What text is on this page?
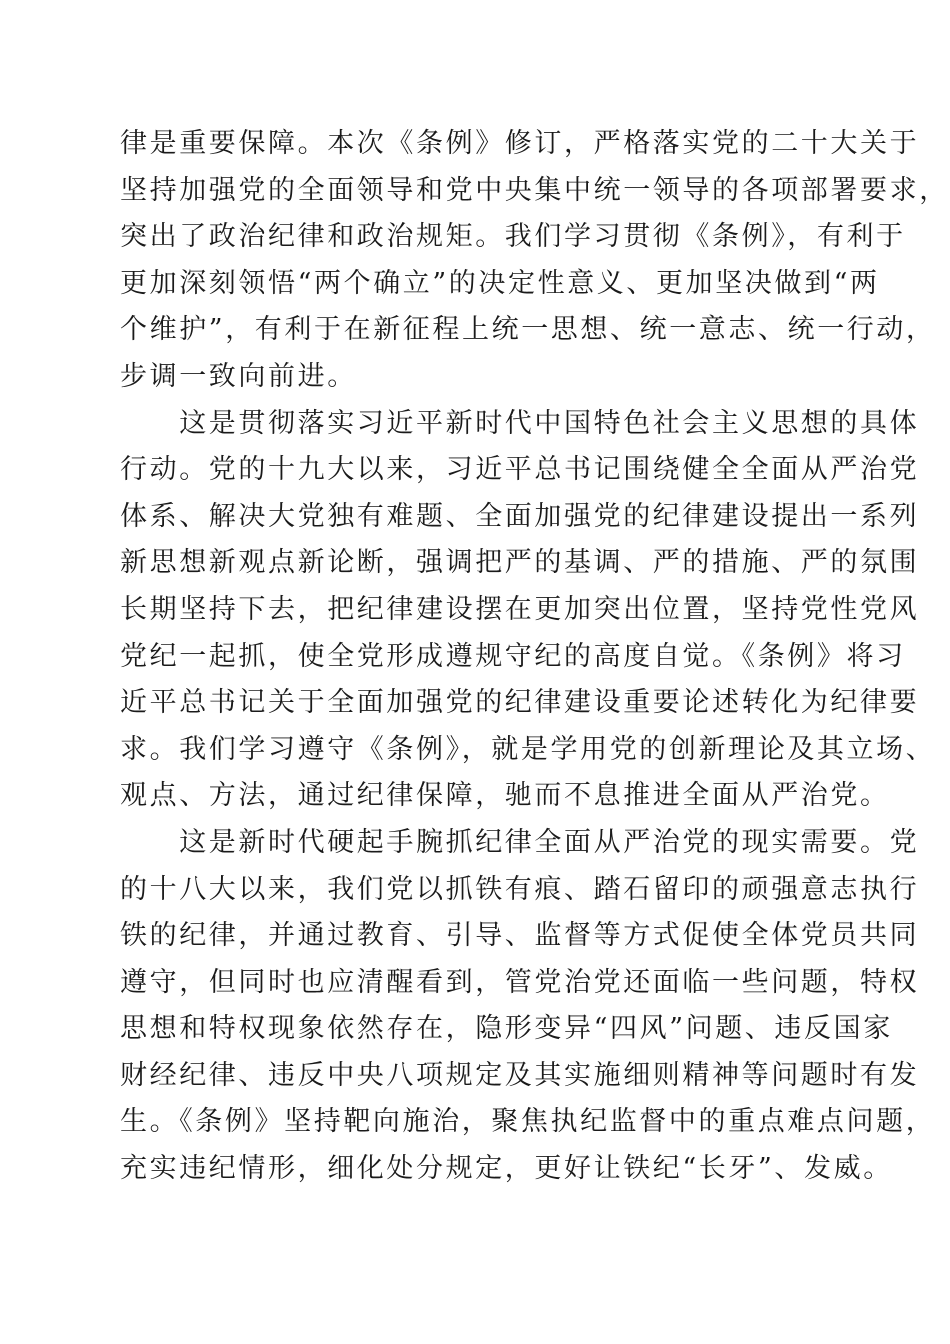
律是重要保障。本次《条例》修订，严格落实党的二十大关于
坚持加强党的全面领导和党中央集中统一领导的各项部署要求，
突出了政治纪律和政治规矩。我们学习贯彻《条例》，有利于
更加深刻领悟“两个确立”的决定性意义、更加坚决做到“两
个维护”，有利于在新征程上统一思想、统一意志、统一行动，
步调一致向前进。
　　这是贯彻落实习近平新时代中国特色社会主义思想的具体
行动。党的十九大以来，习近平总书记围绕健全全面从严治党
体系、解决大党独有难题、全面加强党的纪律建设提出一系列
新思想新观点新论断，强调把严的基调、严的措施、严的氛围
长期坚持下去，把纪律建设摆在更加突出位置，坚持党性党风
党纪一起抓，使全党形成遵规守纪的高度自觉。《条例》将习
近平总书记关于全面加强党的纪律建设重要论述转化为纪律要
求。我们学习遵守《条例》，就是学用党的创新理论及其立场、
观点、方法，通过纪律保障，驰而不息推进全面从严治党。
　　这是新时代硬起手腕抓纪律全面从严治党的现实需要。党
的十八大以来，我们党以抓铁有痕、踏石留印的顽强意志执行
铁的纪律，并通过教育、引导、监督等方式促使全体党员共同
遵守，但同时也应清醒看到，管党治党还面临一些问题，特权
思想和特权现象依然存在，隐形变异“四风”问题、违反国家
财经纪律、违反中央八项规定及其实施细则精神等问题时有发
生。《条例》坚持靶向施治，聚焦执纪监督中的重点难点问题，
充实违纪情形，细化处分规定，更好让铁纪“长牙”、发威。
